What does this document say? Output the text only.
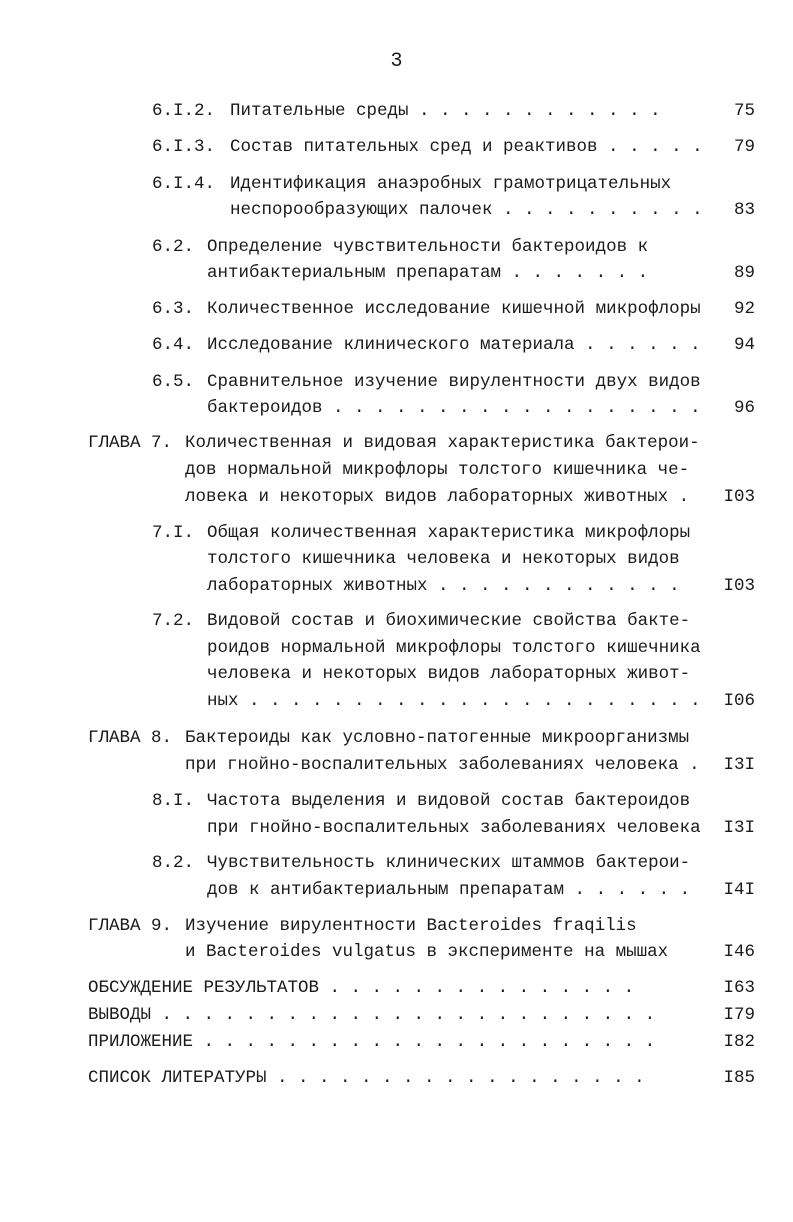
3
6.I.2. Питательные среды . . . . . . . . . . . .	75
6.I.3. Состав питательных сред и реактивов . . . . . 79
6.I.4. Идентификация анаэробных грамотрицательных
неспорообразующих палочек . . . . . . . . . . 83
6.2. Определение чувствительности бактероидов к
антибактериальным препаратам . . . . . . .	89
6.3. Количественное исследование кишечной микрофлоры 92
6.4. Исследование клинического материала . . . . . . 94
6.5. Сравнительное изучение вирулентности двух видов
бактероидов . . . . . . . . . . . . . . . . . . 96
ГЛАВА 7. Количественная и видовая характеристика бактерои-
дов нормальной микрофлоры толстого кишечника че-
ловека и некоторых видов лабораторных животных . I03
7.I. Общая количественная характеристика микрофлоры
толстого кишечника человека и некоторых видов
лабораторных животных . . . . . . . . . . . .	I03
7.2. Видовой состав и биохимические свойства бакте-
роидов нормальной микрофлоры толстого кишечника
человека и некоторых видов лабораторных живот-
ных . . . . . . . . . . . . . . . . . . . . . . I06
ГЛАВА 8. Бактероиды как условно-патогенные микроорганизмы
при гнойно-воспалительных заболеваниях человека . I3I
8.I. Частота выделения и видовой состав бактероидов
при гнойно-воспалительных заболеваниях человека I3I
8.2. Чувствительность клинических штаммов бактерои-
дов к антибактериальным препаратам . . . . . . I4I
ГЛАВА 9. Изучение вирулентности Bacteroides fraqilis
и Bacteroides vulgatus в эксперименте на мышах	I46
ОБСУЖДЕНИЕ РЕЗУЛЬТАТОВ . . . . . . . . . . . . . . .	I63
ВЫВОДЫ . . . . . . . . . . . . . . . . . . . . . . . .	I79
ПРИЛОЖЕНИЕ . . . . . . . . . . . . . . . . . . . . . .	I82
СПИСОК ЛИТЕРАТУРЫ . . . . . . . . . . . . . . . . . .	I85
